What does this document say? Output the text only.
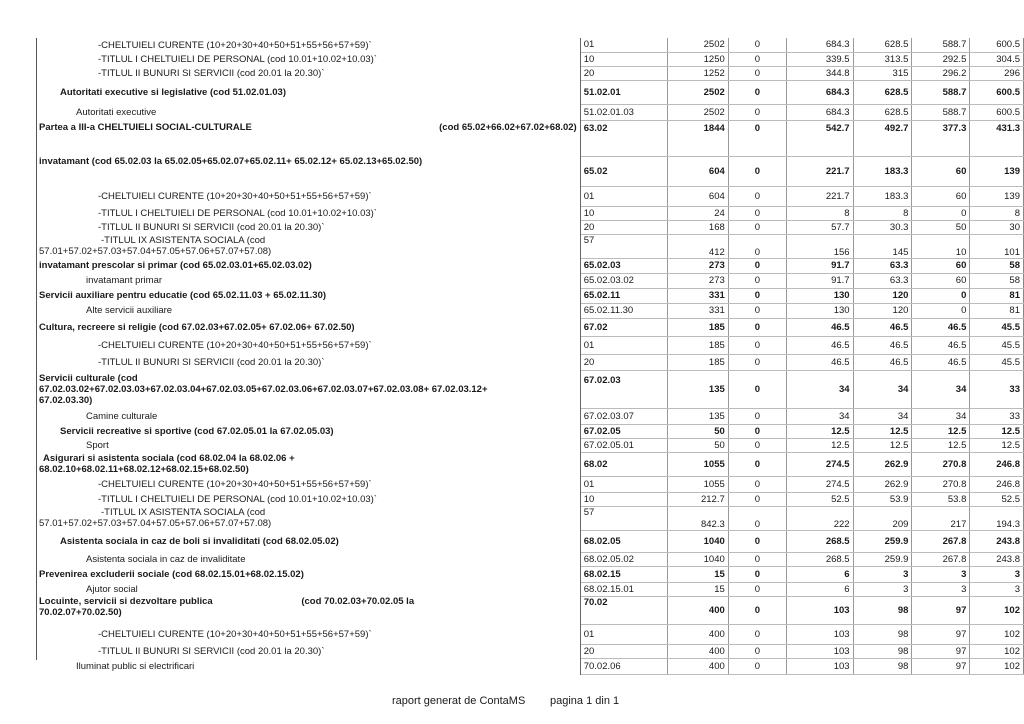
-CHELTUIELI CURENTE (10+20+30+40+50+51+55+56+57+59)`	01	2502	0	684.3	628.5	588.7	600.5
-TITLUL I CHELTUIELI DE PERSONAL (cod 10.01+10.02+10.03)`	10	1250	0	339.5	313.5	292.5	304.5
-TITLUL II BUNURI SI SERVICII (cod 20.01 la 20.30)`	20	1252	0	344.8	315	296.2	296
Autoritati executive si legislative (cod 51.02.01.03)	51.02.01	2502	0	684.3	628.5	588.7	600.5
Autoritati executive	51.02.01.03	2502	0	684.3	628.5	588.7	600.5
Partea a III-a CHELTUIELI SOCIAL-CULTURALE (cod 65.02+66.02+67.02+68.02)	63.02	1844	0	542.7	492.7	377.3	431.3
invatamant (cod 65.02.03 la 65.02.05+65.02.07+65.02.11+ 65.02.12+ 65.02.13+65.02.50)	65.02	604	0	221.7	183.3	60	139
-CHELTUIELI CURENTE (10+20+30+40+50+51+55+56+57+59)`	01	604	0	221.7	183.3	60	139
-TITLUL I CHELTUIELI DE PERSONAL (cod 10.01+10.02+10.03)`	10	24	0	8	8	0	8
-TITLUL II BUNURI SI SERVICII (cod 20.01 la 20.30)`	20	168	0	57.7	30.3	50	30

-TITLUL IX ASISTENTA SOCIALA (cod
57.01+57.02+57.03+57.04+57.05+57.06+57.07+57.08)	57	412	0	156	145	10	101
invatamant prescolar si primar (cod 65.02.03.01+65.02.03.02)	65.02.03	273	0	91.7	63.3	60	58
invatamant primar	65.02.03.02	273	0	91.7	63.3	60	58
Servicii auxiliare pentru educatie (cod 65.02.11.03 + 65.02.11.30)	65.02.11	331	0	130	120	0	81
Alte servicii auxiliare	65.02.11.30	331	0	130	120	0	81
Cultura, recreere si religie (cod 67.02.03+67.02.05+ 67.02.06+ 67.02.50)	67.02	185	0	46.5	46.5	46.5	45.5
-CHELTUIELI CURENTE (10+20+30+40+50+51+55+56+57+59)`	01	185	0	46.5	46.5	46.5	45.5
-TITLUL II BUNURI SI SERVICII (cod 20.01 la 20.30)`	20	185	0	46.5	46.5	46.5	45.5

Servicii culturale (cod
67.02.03.02+67.02.03.03+67.02.03.04+67.02.03.05+67.02.03.06+67.02.03.07+67.02.03.08+ 67.02.03.12+
67.02.03.30)	67.02.03	135	0	34	34	34	33
Camine culturale	67.02.03.07	135	0	34	34	34	33
Servicii recreative si sportive (cod 67.02.05.01 la 67.02.05.03)	67.02.05	50	0	12.5	12.5	12.5	12.5
Sport	67.02.05.01	50	0	12.5	12.5	12.5	12.5

Asigurari si asistenta sociala (cod 68.02.04 la 68.02.06 +
68.02.10+68.02.11+68.02.12+68.02.15+68.02.50)	68.02	1055	0	274.5	262.9	270.8	246.8
-CHELTUIELI CURENTE (10+20+30+40+50+51+55+56+57+59)`	01	1055	0	274.5	262.9	270.8	246.8
-TITLUL I CHELTUIELI DE PERSONAL (cod 10.01+10.02+10.03)`	10	212.7	0	52.5	53.9	53.8	52.5

-TITLUL IX ASISTENTA SOCIALA (cod
57.01+57.02+57.03+57.04+57.05+57.06+57.07+57.08)	57	842.3	0	222	209	217	194.3
Asistenta sociala in caz de boli si invaliditati (cod 68.02.05.02)	68.02.05	1040	0	268.5	259.9	267.8	243.8
Asistenta sociala in caz de invaliditate	68.02.05.02	1040	0	268.5	259.9	267.8	243.8
Prevenirea excluderii sociale (cod 68.02.15.01+68.02.15.02)	68.02.15	15	0	6	3	3	3
Ajutor social	68.02.15.01	15	0	6	3	3	3

Locuinte, servicii si dezvoltare publica (cod 70.02.03+70.02.05 la
70.02.07+70.02.50)	70.02	400	0	103	98	97	102
-CHELTUIELI CURENTE (10+20+30+40+50+51+55+56+57+59)`	01	400	0	103	98	97	102
-TITLUL II BUNURI SI SERVICII (cod 20.01 la 20.30)`	20	400	0	103	98	97	102
Iluminat public si electrificari	70.02.06	400	0	103	98	97	102
raport generat de ContaMS pagina 1 din 1
